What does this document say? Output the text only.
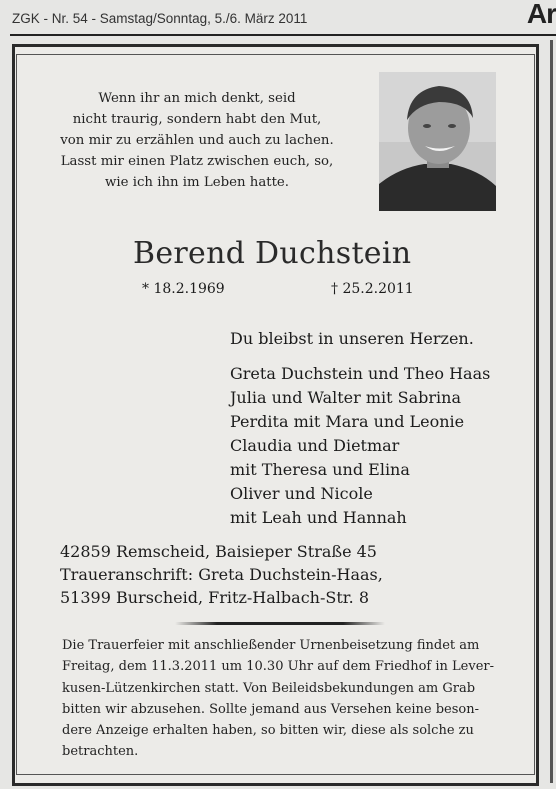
ZGK - Nr. 54 - Samstag/Sonntag, 5./6. März 2011	Ar
Wenn ihr an mich denkt, seid
nicht traurig, sondern habt den Mut,
von mir zu erzählen und auch zu lachen.
Lasst mir einen Platz zwischen euch, so,
wie ich ihn im Leben hatte.
Berend Duchstein
* 18.2.1969	† 25.2.2011
Du bleibst in unseren Herzen.
Greta Duchstein und Theo Haas
Julia und Walter mit Sabrina
Perdita mit Mara und Leonie
Claudia und Dietmar
mit Theresa und Elina
Oliver und Nicole
mit Leah und Hannah
42859 Remscheid, Baisieper Straße 45
Traueranschrift: Greta Duchstein-Haas,
51399 Burscheid, Fritz-Halbach-Str. 8
Die Trauerfeier mit anschließender Urnenbeisetzung findet am
Freitag, dem 11.3.2011 um 10.30 Uhr auf dem Friedhof in Lever-
kusen-Lützenkirchen statt. Von Beileidsbekundungen am Grab
bitten wir abzusehen. Sollte jemand aus Versehen keine beson-
dere Anzeige erhalten haben, so bitten wir, diese als solche zu
betrachten.
